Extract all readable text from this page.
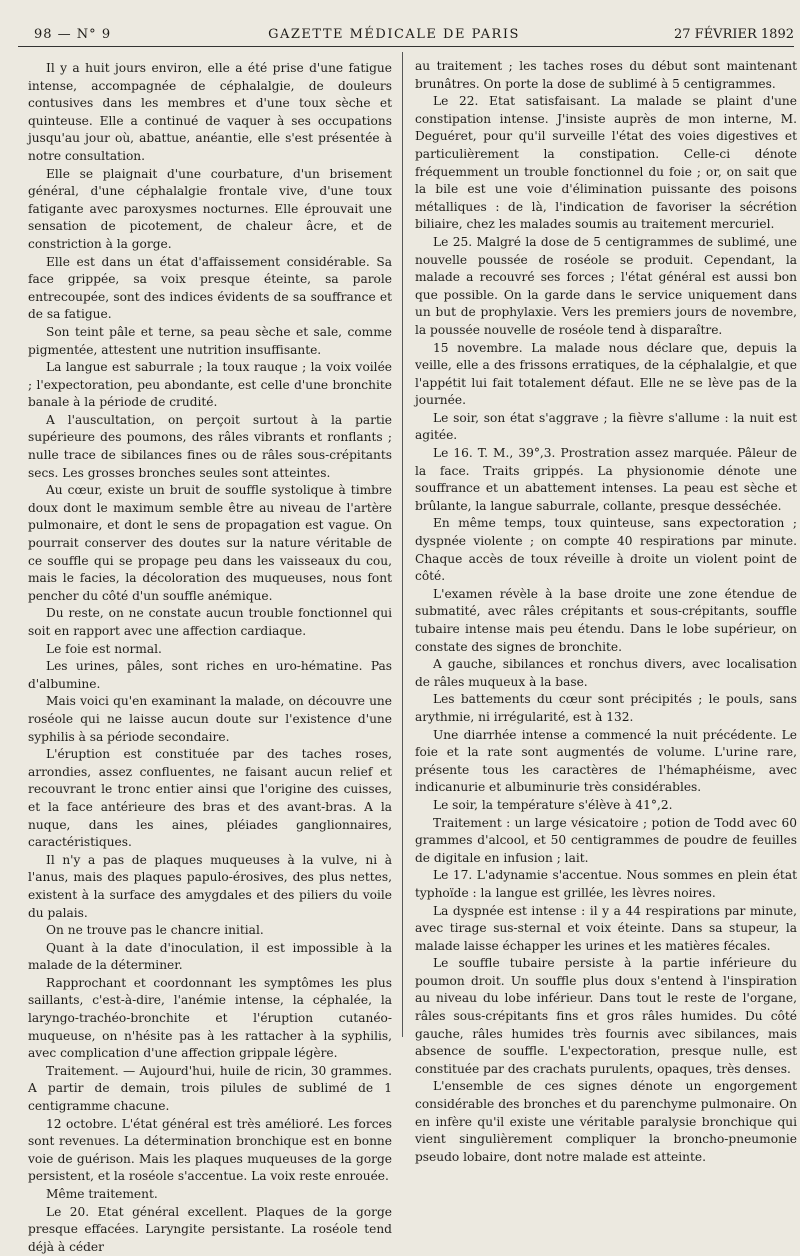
98 — N° 9	GAZETTE MÉDICALE DE PARIS	27 FÉVRIER 1892

Il y a huit jours environ, elle a été prise d'une fatigue intense, accompagnée de céphalalgie, de douleurs contusives dans les membres et d'une toux sèche et quinteuse. Elle a continué de vaquer à ses occupations jusqu'au jour où, abattue, anéantie, elle s'est présentée à notre consultation.

Elle se plaignait d'une courbature, d'un brisement général, d'une céphalalgie frontale vive, d'une toux fatigante avec paroxysmes nocturnes. Elle éprouvait une sensation de picotement, de chaleur âcre, et de constriction à la gorge.

Elle est dans un état d'affaissement considérable. Sa face grippée, sa voix presque éteinte, sa parole entrecoupée, sont des indices évidents de sa souffrance et de sa fatigue.

Son teint pâle et terne, sa peau sèche et sale, comme pigmentée, attestent une nutrition insuffisante.

La langue est saburrale ; la toux rauque ; la voix voilée ; l'expectoration, peu abondante, est celle d'une bronchite banale à la période de crudité.

A l'auscultation, on perçoit surtout à la partie supérieure des poumons, des râles vibrants et ronflants ; nulle trace de sibilances fines ou de râles sous-crépitants secs. Les grosses bronches seules sont atteintes.

Au cœur, existe un bruit de souffle systolique à timbre doux dont le maximum semble être au niveau de l'artère pulmonaire, et dont le sens de propagation est vague. On pourrait conserver des doutes sur la nature véritable de ce souffle qui se propage peu dans les vaisseaux du cou, mais le facies, la décoloration des muqueuses, nous font pencher du côté d'un souffle anémique.

Du reste, on ne constate aucun trouble fonctionnel qui soit en rapport avec une affection cardiaque.

Le foie est normal.

Les urines, pâles, sont riches en uro-hématine. Pas d'albumine.

Mais voici qu'en examinant la malade, on découvre une roséole qui ne laisse aucun doute sur l'existence d'une syphilis à sa période secondaire.

L'éruption est constituée par des taches roses, arrondies, assez confluentes, ne faisant aucun relief et recouvrant le tronc entier ainsi que l'origine des cuisses, et la face antérieure des bras et des avant-bras. A la nuque, dans les aines, pléiades ganglionnaires, caractéristiques.

Il n'y a pas de plaques muqueuses à la vulve, ni à l'anus, mais des plaques papulo-érosives, des plus nettes, existent à la surface des amygdales et des piliers du voile du palais.

On ne trouve pas le chancre initial.

Quant à la date d'inoculation, il est impossible à la malade de la déterminer.

Rapprochant et coordonnant les symptômes les plus saillants, c'est-à-dire, l'anémie intense, la céphalée, la laryngo-trachéo-bronchite et l'éruption cutanéo-muqueuse, on n'hésite pas à les rattacher à la syphilis, avec complication d'une affection grippale légère.

Traitement. — Aujourd'hui, huile de ricin, 30 grammes. A partir de demain, trois pilules de sublimé de 1 centigramme chacune.

12 octobre. L'état général est très amélioré. Les forces sont revenues. La détermination bronchique est en bonne voie de guérison. Mais les plaques muqueuses de la gorge persistent, et la roséole s'accentue. La voix reste enrouée.

Même traitement.

Le 20. Etat général excellent. Plaques de la gorge presque effacées. Laryngite persistante. La roséole tend déjà à céder

au traitement ; les taches roses du début sont maintenant brunâtres. On porte la dose de sublimé à 5 centigrammes.

Le 22. Etat satisfaisant. La malade se plaint d'une constipation intense. J'insiste auprès de mon interne, M. Deguéret, pour qu'il surveille l'état des voies digestives et particulièrement la constipation. Celle-ci dénote fréquemment un trouble fonctionnel du foie ; or, on sait que la bile est une voie d'élimination puissante des poisons métalliques : de là, l'indication de favoriser la sécrétion biliaire, chez les malades soumis au traitement mercuriel.

Le 25. Malgré la dose de 5 centigrammes de sublimé, une nouvelle poussée de roséole se produit. Cependant, la malade a recouvré ses forces ; l'état général est aussi bon que possible. On la garde dans le service uniquement dans un but de prophylaxie. Vers les premiers jours de novembre, la poussée nouvelle de roséole tend à disparaître.

15 novembre. La malade nous déclare que, depuis la veille, elle a des frissons erratiques, de la céphalalgie, et que l'appétit lui fait totalement défaut. Elle ne se lève pas de la journée.

Le soir, son état s'aggrave ; la fièvre s'allume : la nuit est agitée.

Le 16. T. M., 39°,3. Prostration assez marquée. Pâleur de la face. Traits grippés. La physionomie dénote une souffrance et un abattement intenses. La peau est sèche et brûlante, la langue saburrale, collante, presque desséchée.

En même temps, toux quinteuse, sans expectoration ; dyspnée violente ; on compte 40 respirations par minute. Chaque accès de toux réveille à droite un violent point de côté.

L'examen révèle à la base droite une zone étendue de submatité, avec râles crépitants et sous-crépitants, souffle tubaire intense mais peu étendu. Dans le lobe supérieur, on constate des signes de bronchite.

A gauche, sibilances et ronchus divers, avec localisation de râles muqueux à la base.

Les battements du cœur sont précipités ; le pouls, sans arythmie, ni irrégularité, est à 132.

Une diarrhée intense a commencé la nuit précédente. Le foie et la rate sont augmentés de volume. L'urine rare, présente tous les caractères de l'hémaphéisme, avec indicanurie et albuminurie très considérables.

Le soir, la température s'élève à 41°,2.

Traitement : un large vésicatoire ; potion de Todd avec 60 grammes d'alcool, et 50 centigrammes de poudre de feuilles de digitale en infusion ; lait.

Le 17. L'adynamie s'accentue. Nous sommes en plein état typhoïde : la langue est grillée, les lèvres noires.

La dyspnée est intense : il y a 44 respirations par minute, avec tirage sus-sternal et voix éteinte. Dans sa stupeur, la malade laisse échapper les urines et les matières fécales.

Le souffle tubaire persiste à la partie inférieure du poumon droit. Un souffle plus doux s'entend à l'inspiration au niveau du lobe inférieur. Dans tout le reste de l'organe, râles sous-crépitants fins et gros râles humides. Du côté gauche, râles humides très fournis avec sibilances, mais absence de souffle. L'expectoration, presque nulle, est constituée par des crachats purulents, opaques, très denses.

L'ensemble de ces signes dénote un engorgement considérable des bronches et du parenchyme pulmonaire. On en infère qu'il existe une véritable paralysie bronchique qui vient singulièrement compliquer la broncho-pneumonie pseudo lobaire, dont notre malade est atteinte.
